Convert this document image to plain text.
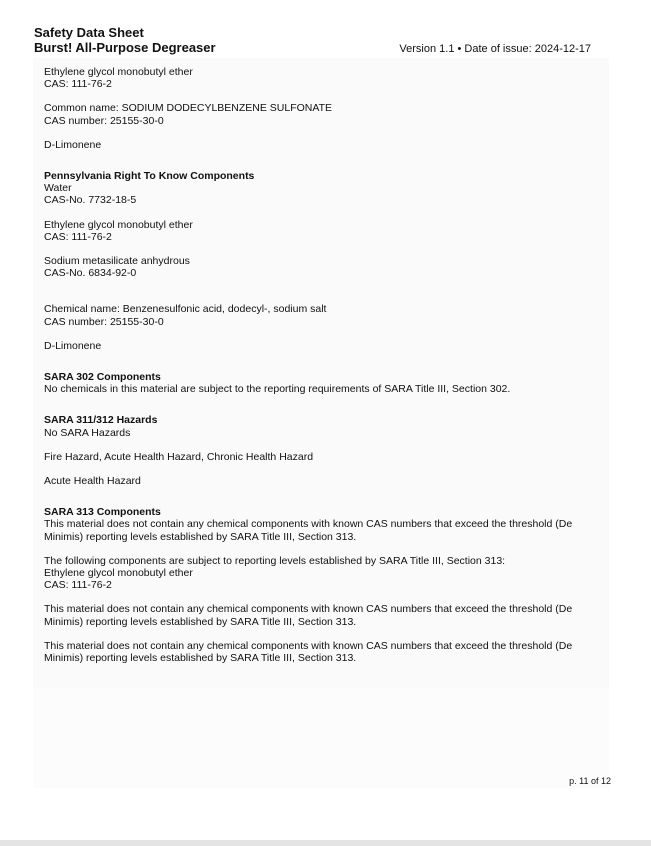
Safety Data Sheet
Burst! All-Purpose Degreaser	Version 1.1 • Date of issue: 2024-12-17
Ethylene glycol monobutyl ether
CAS: 111-76-2
Common name: SODIUM DODECYLBENZENE SULFONATE
CAS number: 25155-30-0
D-Limonene
Pennsylvania Right To Know Components
Water
CAS-No. 7732-18-5
Ethylene glycol monobutyl ether
CAS: 111-76-2
Sodium metasilicate anhydrous
CAS-No. 6834-92-0
Chemical name: Benzenesulfonic acid, dodecyl-, sodium salt
CAS number: 25155-30-0
D-Limonene
SARA 302 Components
No chemicals in this material are subject to the reporting requirements of SARA Title III, Section 302.
SARA 311/312 Hazards
No SARA Hazards
Fire Hazard, Acute Health Hazard, Chronic Health Hazard
Acute Health Hazard
SARA 313 Components
This material does not contain any chemical components with known CAS numbers that exceed the threshold (De
Minimis) reporting levels established by SARA Title III, Section 313.
The following components are subject to reporting levels established by SARA Title III, Section 313:
Ethylene glycol monobutyl ether
CAS: 111-76-2
This material does not contain any chemical components with known CAS numbers that exceed the threshold (De
Minimis) reporting levels established by SARA Title III, Section 313.
This material does not contain any chemical components with known CAS numbers that exceed the threshold (De
Minimis) reporting levels established by SARA Title III, Section 313.
p. 11 of 12
